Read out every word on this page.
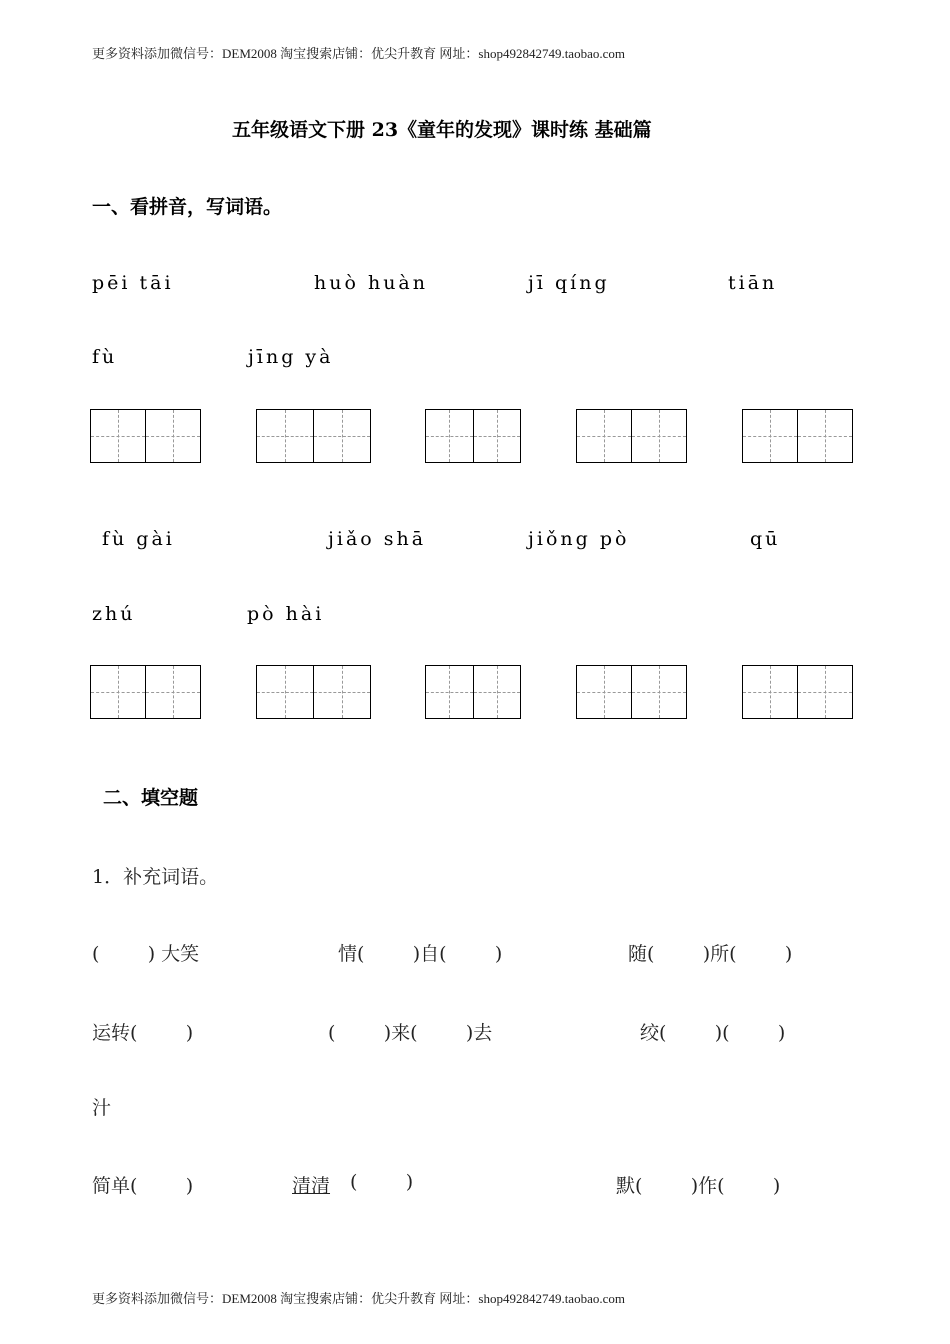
更多资料添加微信号：DEM2008 淘宝搜索店铺：优尖升教育 网址：shop492842749.taobao.com
五年级语文下册 23《童年的发现》课时练 基础篇
一、看拼音，写词语。
pēi tāi	huò huàn	jī qíng	tiān
fù	jīng yà
fù gài	jiǎo shā	jiǒng pò	qū
zhú	pò hài
二、填空题
1．补充词语。
(        ) 大笑	情(        )自(        )	随(        )所(        )
运转(        )	(        )来(        )去	绞(        )(        )
汁
简单(        )	清清 (        )	默(        )作(        )
更多资料添加微信号：DEM2008 淘宝搜索店铺：优尖升教育 网址：shop492842749.taobao.com
